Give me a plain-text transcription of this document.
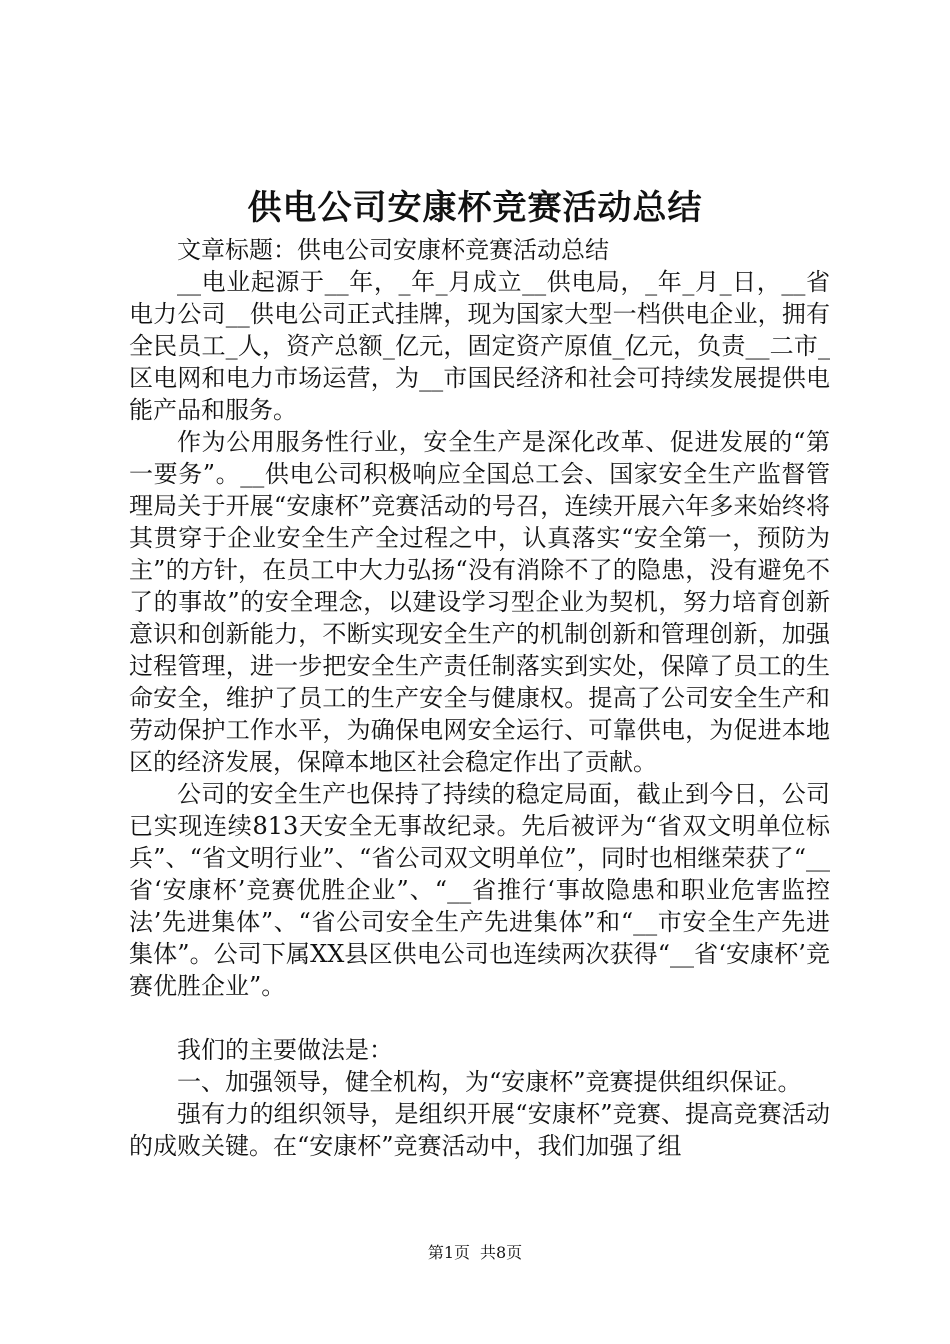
供电公司安康杯竞赛活动总结

文章标题：供电公司安康杯竞赛活动总结

__电业起源于__年，_年_月成立__供电局，_年_月_日，__省电力公司__供电公司正式挂牌，现为国家大型一档供电企业，拥有全民员工_人，资产总额_亿元，固定资产原值_亿元，负责__二市_区电网和电力市场运营，为__市国民经济和社会可持续发展提供电能产品和服务。

作为公用服务性行业，安全生产是深化改革、促进发展的“第一要务”。__供电公司积极响应全国总工会、国家安全生产监督管理局关于开展“安康杯”竞赛活动的号召，连续开展六年多来始终将其贯穿于企业安全生产全过程之中，认真落实“安全第一，预防为主”的方针，在员工中大力弘扬“没有消除不了的隐患，没有避免不了的事故”的安全理念，以建设学习型企业为契机，努力培育创新意识和创新能力，不断实现安全生产的机制创新和管理创新，加强过程管理，进一步把安全生产责任制落实到实处，保障了员工的生命安全，维护了员工的生产安全与健康权。提高了公司安全生产和劳动保护工作水平，为确保电网安全运行、可靠供电，为促进本地区的经济发展，保障本地区社会稳定作出了贡献。

公司的安全生产也保持了持续的稳定局面，截止到今日，公司已实现连续813天安全无事故纪录。先后被评为“省双文明单位标兵”、“省文明行业”、“省公司双文明单位”，同时也相继荣获了“__省‘安康杯’竞赛优胜企业”、“__省推行‘事故隐患和职业危害监控法’先进集体”、“省公司安全生产先进集体”和“__市安全生产先进集体”。公司下属XX县区供电公司也连续两次获得“__省‘安康杯’竞赛优胜企业”。

我们的主要做法是：

一、加强领导，健全机构，为“安康杯”竞赛提供组织保证。

强有力的组织领导，是组织开展“安康杯”竞赛、提高竞赛活动的成败关键。在“安康杯”竞赛活动中，我们加强了组

第1页 共8页
